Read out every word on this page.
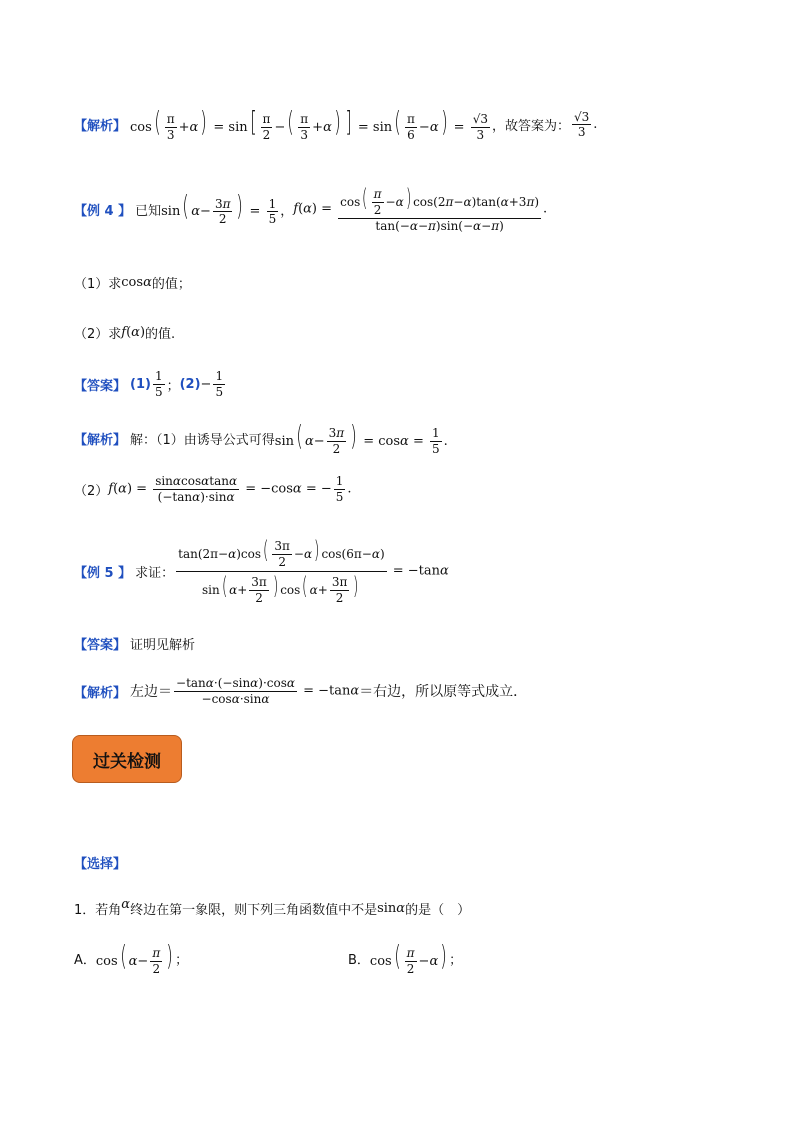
【解析】 $\cos( \frac{\pi}{3} +\alpha) = \sin[ \frac{\pi}{2}$ −( $\frac{\pi}{3} +\alpha$) ] = $\sin( \frac{\pi}{6} -\alpha) = \frac{√3}{3}$ ，故答案为： $\frac{√3}{3}$ .
【例 4 】 已知 sin( $\alpha- \frac{3\pi}{2}$ ) = $\frac{1}{5}$ ， $f(\alpha) = \frac{\cos( \frac{\pi}{2} -\alpha) \cos(2\pi-\alpha)\tan(\alpha+3\pi)}{\tan(-\alpha-\pi)\sin(-\alpha-\pi)}$ .
（1）求 cosα 的值；
（2）求 f(α) 的值.
【答案】 $(1) \frac{1}{5}$ ； $(2) - \frac{1}{5}$
【解析】 解：（1）由诱导公式可得 sin( $\alpha- \frac{3\pi}{2}$ ) = $\cos\alpha = \frac{1}{5}$ .
（2） $f(\alpha) = \frac{\sin\alpha\cos\alpha\tan\alpha}{(-\tan\alpha)\cdot\sin\alpha} = -\cos\alpha$ = − $\frac{1}{5}$ .
【例 5 】 求证： $\frac{\tan(2\pi-\alpha)\cos( \frac{3\pi}{2} -\alpha) \cos(6\pi-\alpha)}{\sin( \alpha+ \frac{3\pi}{2} ) \cos( \alpha+ \frac{3\pi}{2} )} = -\tan\alpha$
【答案】 证明见解析
【解析】 左边＝ $\frac{-\tan\alpha\cdot(-\sin\alpha)\cdot\cos\alpha}{-\cos\alpha\cdot\sin\alpha} = -\tan\alpha$ ＝右边，所以原等式成立．
过关检测
【选择】
1．若角 α 终边在第一象限，则下列三角函数值中不是 sinα 的是（　）
A． cos( $\alpha- \frac{\pi}{2}$ ) ；	B． $\cos( \frac{\pi}{2} -\alpha)$ ；
